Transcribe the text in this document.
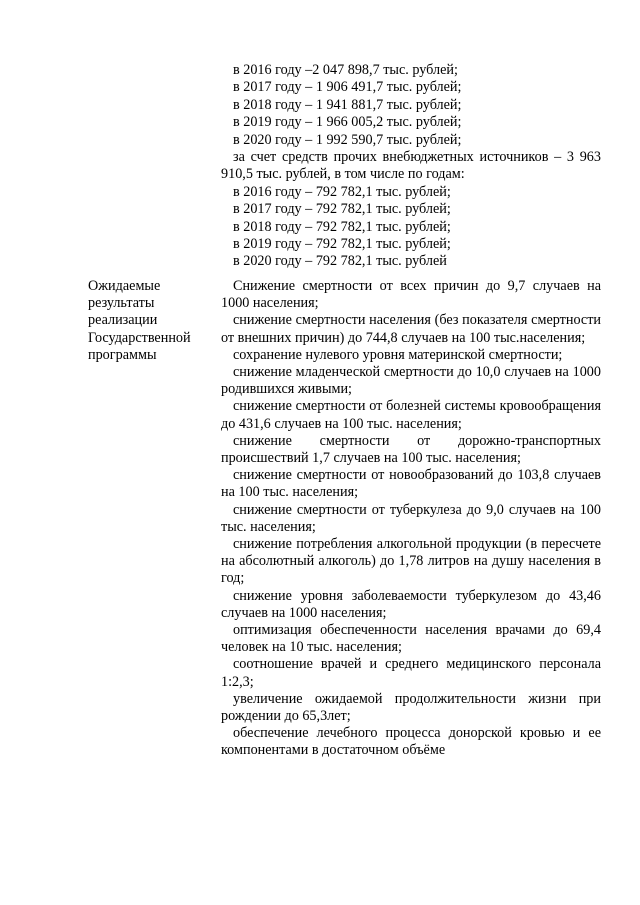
в 2016 году –2 047 898,7 тыс. рублей;
в 2017 году – 1 906 491,7 тыс. рублей;
в 2018 году – 1 941 881,7 тыс. рублей;
в 2019 году – 1 966 005,2 тыс. рублей;
в 2020 году – 1 992 590,7 тыс. рублей;

за счет средств прочих внебюджетных источников – 3 963 910,5 тыс. рублей, в том числе по годам:

в 2016 году – 792 782,1 тыс. рублей;
в 2017 году – 792 782,1 тыс. рублей;
в 2018 году – 792 782,1 тыс. рублей;
в 2019 году – 792 782,1 тыс. рублей;
в 2020 году – 792 782,1 тыс. рублей
Ожидаемые
результаты
реализации
Государственной
программы

Снижение смертности от всех причин до 9,7 случаев на 1000 населения;

снижение смертности населения (без показателя смертности от внешних причин) до 744,8 случаев на 100 тыс.населения;

сохранение нулевого уровня материнской смертности;

снижение младенческой смертности до 10,0 случаев на 1000 родившихся живыми;

снижение смертности от болезней системы кровообращения до 431,6 случаев на 100 тыс. населения;

снижение смертности от дорожно-транспортных происшествий 1,7 случаев на 100 тыс. населения;

снижение смертности от новообразований до 103,8 случаев на 100 тыс. населения;

снижение смертности от туберкулеза до 9,0 случаев на 100 тыс. населения;

снижение потребления алкогольной продукции (в пересчете на абсолютный алкоголь) до 1,78 литров на душу населения в год;

снижение уровня заболеваемости туберкулезом до 43,46 случаев на 1000 населения;

оптимизация обеспеченности населения врачами до 69,4 человек на 10 тыс. населения;

соотношение врачей и среднего медицинского персонала 1:2,3;

увеличение ожидаемой продолжительности жизни при рождении до 65,3лет;

обеспечение лечебного процесса донорской кровью и ее компонентами в достаточном объёме
